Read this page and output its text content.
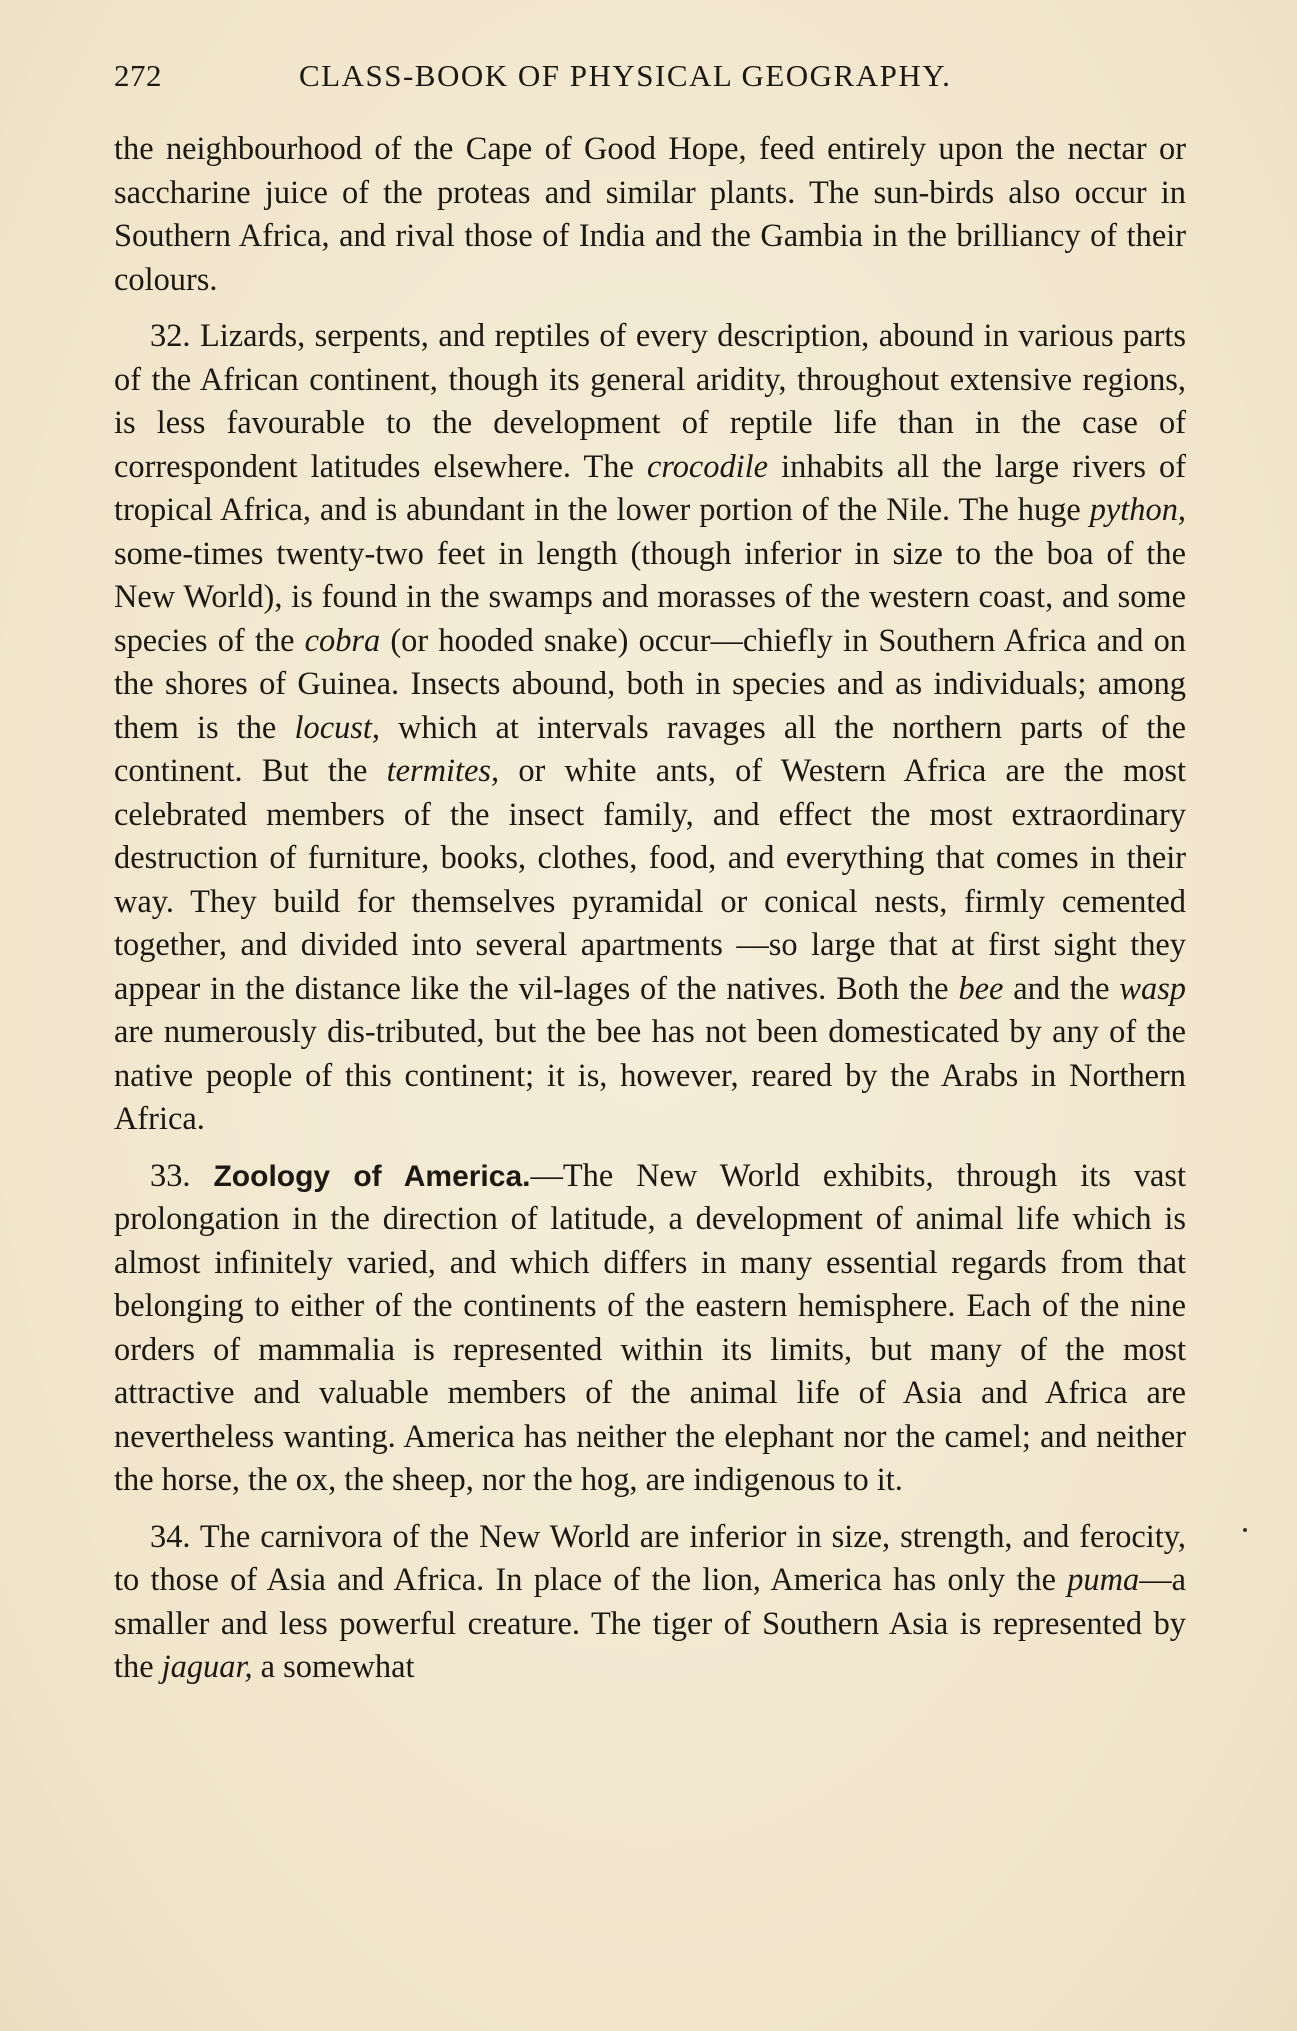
272	CLASS-BOOK OF PHYSICAL GEOGRAPHY.

the neighbourhood of the Cape of Good Hope, feed entirely upon the nectar or saccharine juice of the proteas and similar plants. The sun-birds also occur in Southern Africa, and rival those of India and the Gambia in the brilliancy of their colours.

32. Lizards, serpents, and reptiles of every description, abound in various parts of the African continent, though its general aridity, throughout extensive regions, is less favourable to the development of reptile life than in the case of correspondent latitudes elsewhere. The crocodile inhabits all the large rivers of tropical Africa, and is abundant in the lower portion of the Nile. The huge python, some-times twenty-two feet in length (though inferior in size to the boa of the New World), is found in the swamps and morasses of the western coast, and some species of the cobra (or hooded snake) occur—chiefly in Southern Africa and on the shores of Guinea. Insects abound, both in species and as individuals; among them is the locust, which at intervals ravages all the northern parts of the continent. But the termites, or white ants, of Western Africa are the most celebrated members of the insect family, and effect the most extraordinary destruction of furniture, books, clothes, food, and everything that comes in their way. They build for themselves pyramidal or conical nests, firmly cemented together, and divided into several apartments —so large that at first sight they appear in the distance like the vil-lages of the natives. Both the bee and the wasp are numerously dis-tributed, but the bee has not been domesticated by any of the native people of this continent; it is, however, reared by the Arabs in Northern Africa.

33. Zoology of America.—The New World exhibits, through its vast prolongation in the direction of latitude, a development of animal life which is almost infinitely varied, and which differs in many essential regards from that belonging to either of the continents of the eastern hemisphere. Each of the nine orders of mammalia is represented within its limits, but many of the most attractive and valuable members of the animal life of Asia and Africa are nevertheless wanting. America has neither the elephant nor the camel; and neither the horse, the ox, the sheep, nor the hog, are indigenous to it.

34. The carnivora of the New World are inferior in size, strength, and ferocity, to those of Asia and Africa. In place of the lion, America has only the puma—a smaller and less powerful creature. The tiger of Southern Asia is represented by the jaguar, a somewhat
